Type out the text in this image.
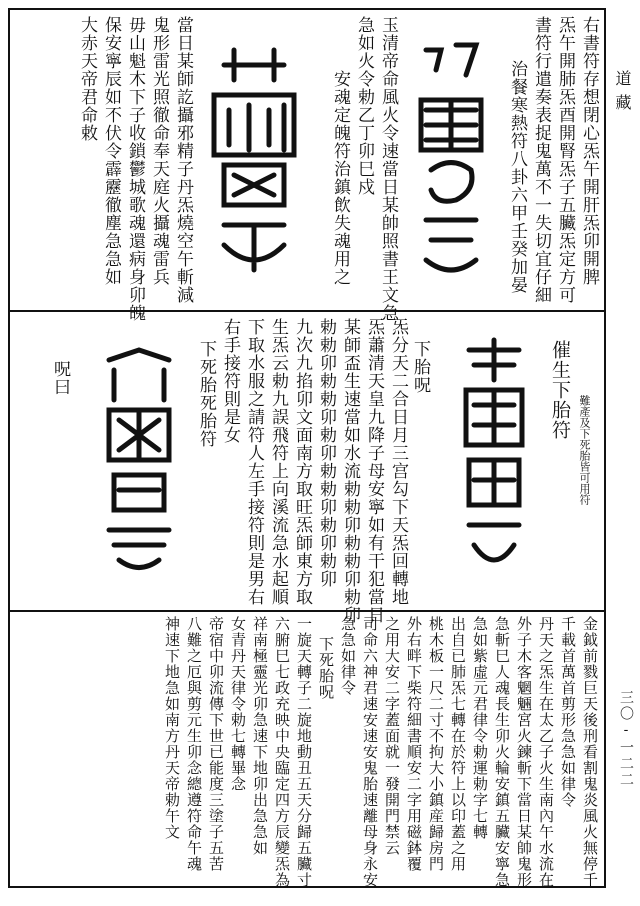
道藏
三〇-一二二
右書符存想閉心炁午開肝炁卯開脾
炁午開肺炁酉開腎炁子五臟炁定方可
書符行遣奏表捉鬼萬不一失切宜仔細
治餐寒熱符八卦六甲壬癸加晏
玉清帝命風火令速當日某帥照書王文急
急如火令勅乙丁卯巳戍
安魂定魄符治鎮飲失魂用之
當日某師訖攝邪精子丹炁燒空午斬減
鬼形雷光照徹命奉天庭火攝魂雷兵
毋山魁木下子收鎖鬱城歌魂還病身卯魄
保安寧辰如不伏令霹靂徹塵急急如
大赤天帝君命敕
催生下胎符
難產及下死胎皆可用符
下胎呪
炁分天二合日月三宫勾下天炁回轉地
炁蕭清天皇九降子母安寧如有干犯當日
某師盃生速當如水流勅勅卯勅勅卯勅卯
勅勅卯勅勅卯勅卯勅勅卯勅卯勅卯
九次九掐卯文面南方取旺炁師東方取
生炁云勅九誤飛符上向溪流急水起順
下取水服之請符人左手接符則是男右
右手接符則是女
下死胎死胎符
呪曰
金鉞前戮巨天後刑看割鬼炎風火無停千
千載首萬首剪形急急如律令
丹天之炁生在太乙子火生南內午水流在
外子木客魍魎宮火鍊斬下當日某帥鬼形
急斬巳人魂長生卯火輪安鎮五臟安寧急
急如紫虛元君律令勅運勅字七轉
出自已肺炁七轉在於符上以印蓋之用
桃木板一尺二寸不拘大小鎮産歸房門
外右畔下柴符細書順安二字用磁鉢覆
之用大安二字蓋面就一發開門禁云
司命六神君速安速安鬼胎速離母身永安
急急如律令
下死胎呪
一旋天轉子二旋地動丑五天分歸五臟寸
六腑巳七政充映中央臨定四方辰變炁為
祥南極靈光卯急速下地卯出急急如
女青丹天律令勅七轉畢念
帝宿中卯流傳下世已能度三塗子五苦
八難之厄與剪元生卯念總遵符命午魂
神速下地急如南方丹天帝勅午文
